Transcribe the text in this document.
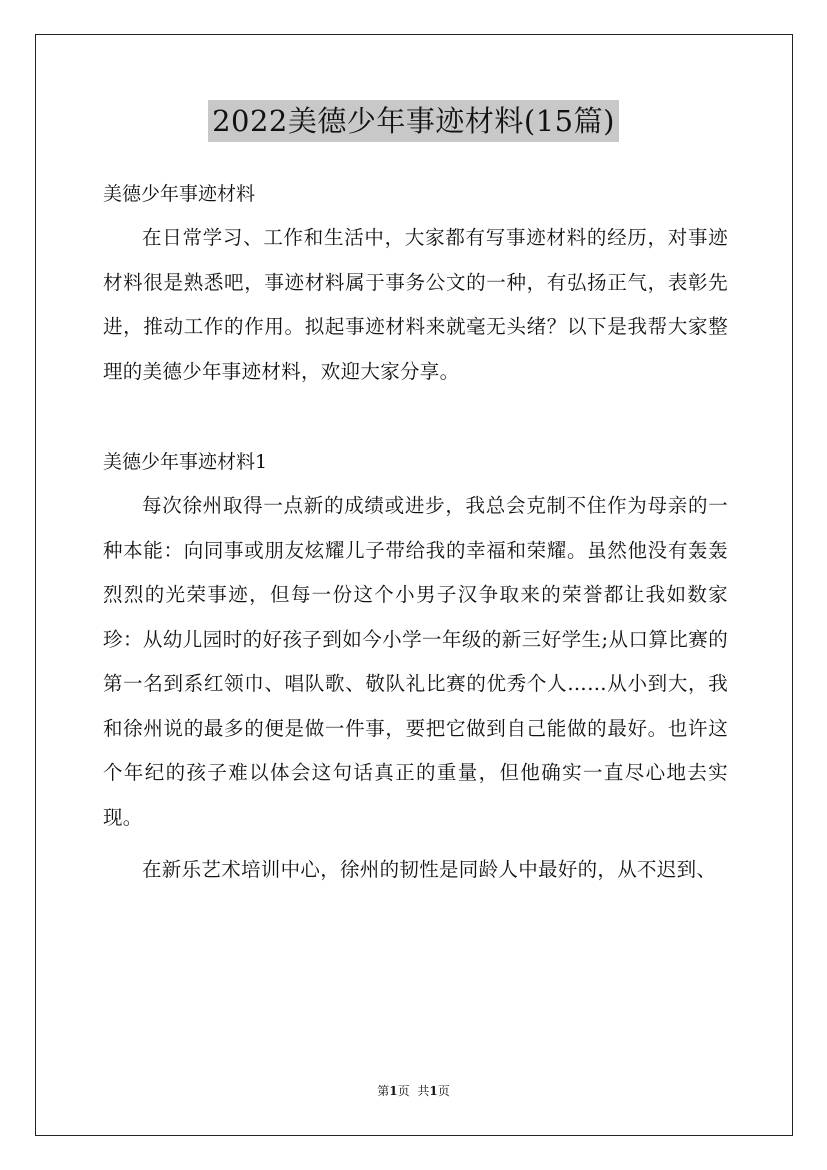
2022美德少年事迹材料(15篇)

美德少年事迹材料

在日常学习、工作和生活中，大家都有写事迹材料的经历，对事迹材料很是熟悉吧，事迹材料属于事务公文的一种，有弘扬正气，表彰先进，推动工作的作用。拟起事迹材料来就毫无头绪？以下是我帮大家整理的美德少年事迹材料，欢迎大家分享。

美德少年事迹材料1

每次徐州取得一点新的成绩或进步，我总会克制不住作为母亲的一种本能：向同事或朋友炫耀儿子带给我的幸福和荣耀。虽然他没有轰轰烈烈的光荣事迹，但每一份这个小男子汉争取来的荣誉都让我如数家珍：从幼儿园时的好孩子到如今小学一年级的新三好学生;从口算比赛的第一名到系红领巾、唱队歌、敬队礼比赛的优秀个人……从小到大，我和徐州说的最多的便是做一件事，要把它做到自己能做的最好。也许这个年纪的孩子难以体会这句话真正的重量，但他确实一直尽心地去实现。

在新乐艺术培训中心，徐州的韧性是同龄人中最好的，从不迟到、

第1页 共1页
